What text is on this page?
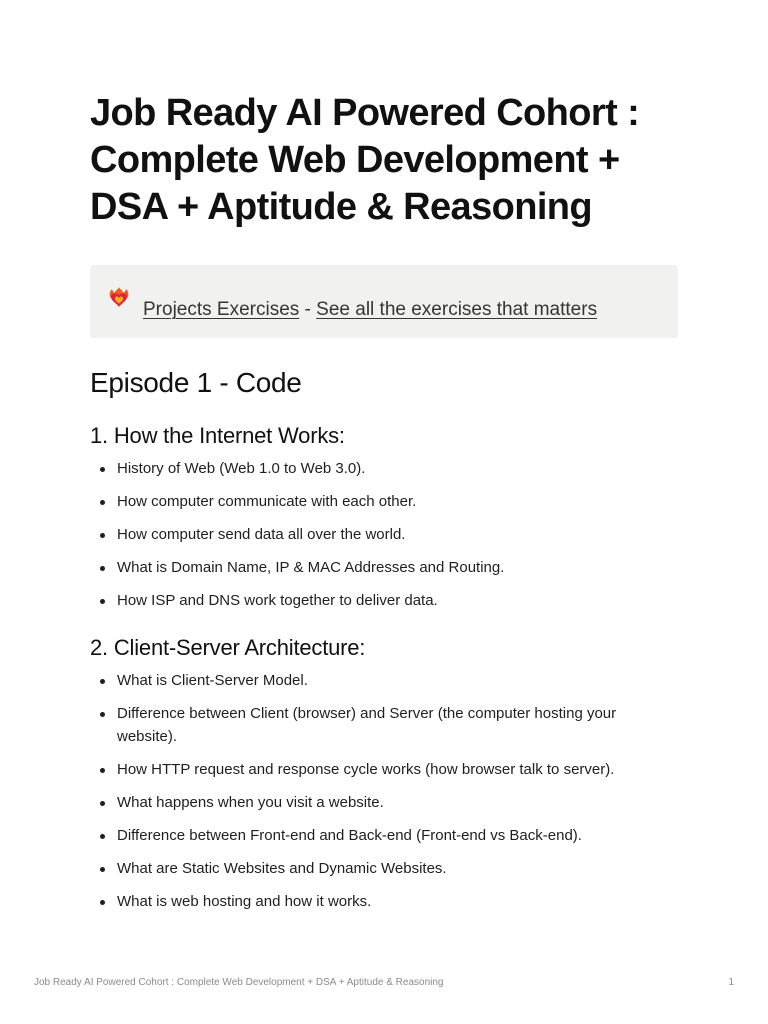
Job Ready AI Powered Cohort : Complete Web Development + DSA + Aptitude & Reasoning
Projects Exercises - See all the exercises that matters
Episode 1 - Code
1. How the Internet Works:
History of Web (Web 1.0 to Web 3.0).
How computer communicate with each other.
How computer send data all over the world.
What is Domain Name, IP & MAC Addresses and Routing.
How ISP and DNS work together to deliver data.
2. Client-Server Architecture:
What is Client-Server Model.
Difference between Client (browser) and Server (the computer hosting your website).
How HTTP request and response cycle works (how browser talk to server).
What happens when you visit a website.
Difference between Front-end and Back-end (Front-end vs Back-end).
What are Static Websites and Dynamic Websites.
What is web hosting and how it works.
Job Ready AI Powered Cohort : Complete Web Development + DSA + Aptitude & Reasoning	1
